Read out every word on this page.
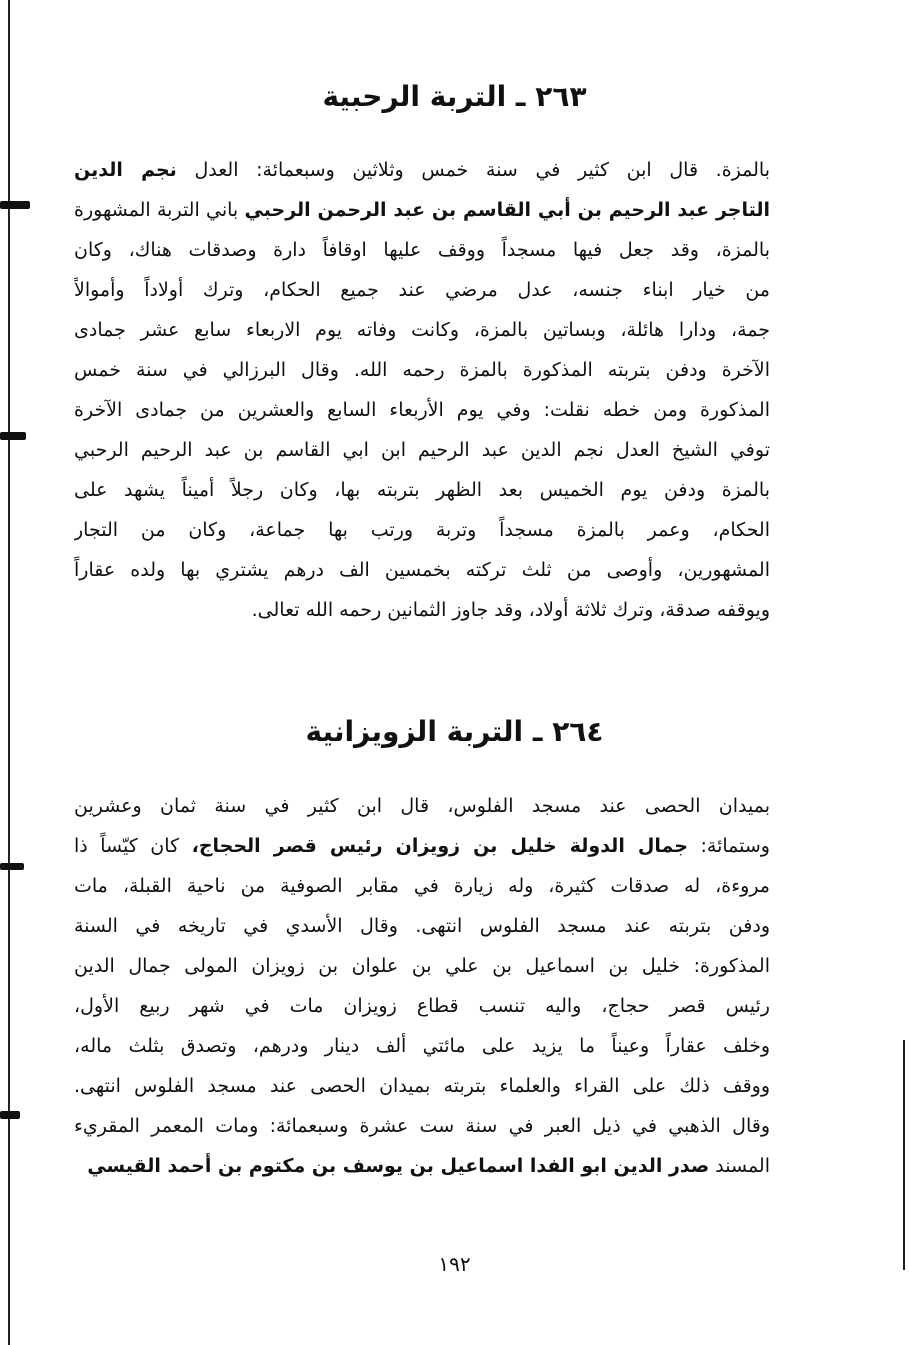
٢٦٣ ـ التربة الرحبية
بالمزة. قال ابن كثير في سنة خمس وثلاثين وسبعمائة: العدل نجم الدين
التاجر عبد الرحيم بن أبي القاسم بن عبد الرحمن الرحبي باني التربة المشهورة
بالمزة، وقد جعل فيها مسجداً ووقف عليها اوقافاً دارة وصدقات هناك، وكان
من خيار ابناء جنسه، عدل مرضي عند جميع الحكام، وترك أولاداً وأموالاً
جمة، ودارا هائلة، وبساتين بالمزة، وكانت وفاته يوم الاربعاء سابع عشر جمادى
الآخرة ودفن بتربته المذكورة بالمزة رحمه الله. وقال البرزالي في سنة خمس
المذكورة ومن خطه نقلت: وفي يوم الأربعاء السابع والعشرين من جمادى الآخرة
توفي الشيخ العدل نجم الدين عبد الرحيم ابن ابي القاسم بن عبد الرحيم الرحبي
بالمزة ودفن يوم الخميس بعد الظهر بتربته بها، وكان رجلاً أميناً يشهد على
الحكام، وعمر بالمزة مسجداً وتربة ورتب بها جماعة، وكان من التجار
المشهورين، وأوصى من ثلث تركته بخمسين الف درهم يشتري بها ولده عقاراً
ويوقفه صدقة، وترك ثلاثة أولاد، وقد جاوز الثمانين رحمه الله تعالى.
٢٦٤ ـ التربة الزويزانية
بميدان الحصى عند مسجد الفلوس، قال ابن كثير في سنة ثمان وعشرين
وستمائة: جمال الدولة خليل بن زويزان رئيس قصر الحجاج، كان كيّساً ذا
مروءة، له صدقات كثيرة، وله زيارة في مقابر الصوفية من ناحية القبلة، مات
ودفن بتربته عند مسجد الفلوس انتهى. وقال الأسدي في تاريخه في السنة
المذكورة: خليل بن اسماعيل بن علي بن علوان بن زويزان المولى جمال الدين
رئيس قصر حجاج، واليه تنسب قطاع زويزان مات في شهر ربيع الأول،
وخلف عقاراً وعيناً ما يزيد على مائتي ألف دينار ودرهم، وتصدق بثلث ماله،
ووقف ذلك على القراء والعلماء بتربته بميدان الحصى عند مسجد الفلوس انتهى.
وقال الذهبي في ذيل العبر في سنة ست عشرة وسبعمائة: ومات المعمر المقريء
المسند صدر الدين ابو الفدا اسماعيل بن يوسف بن مكتوم بن أحمد القيسي
١٩٢
